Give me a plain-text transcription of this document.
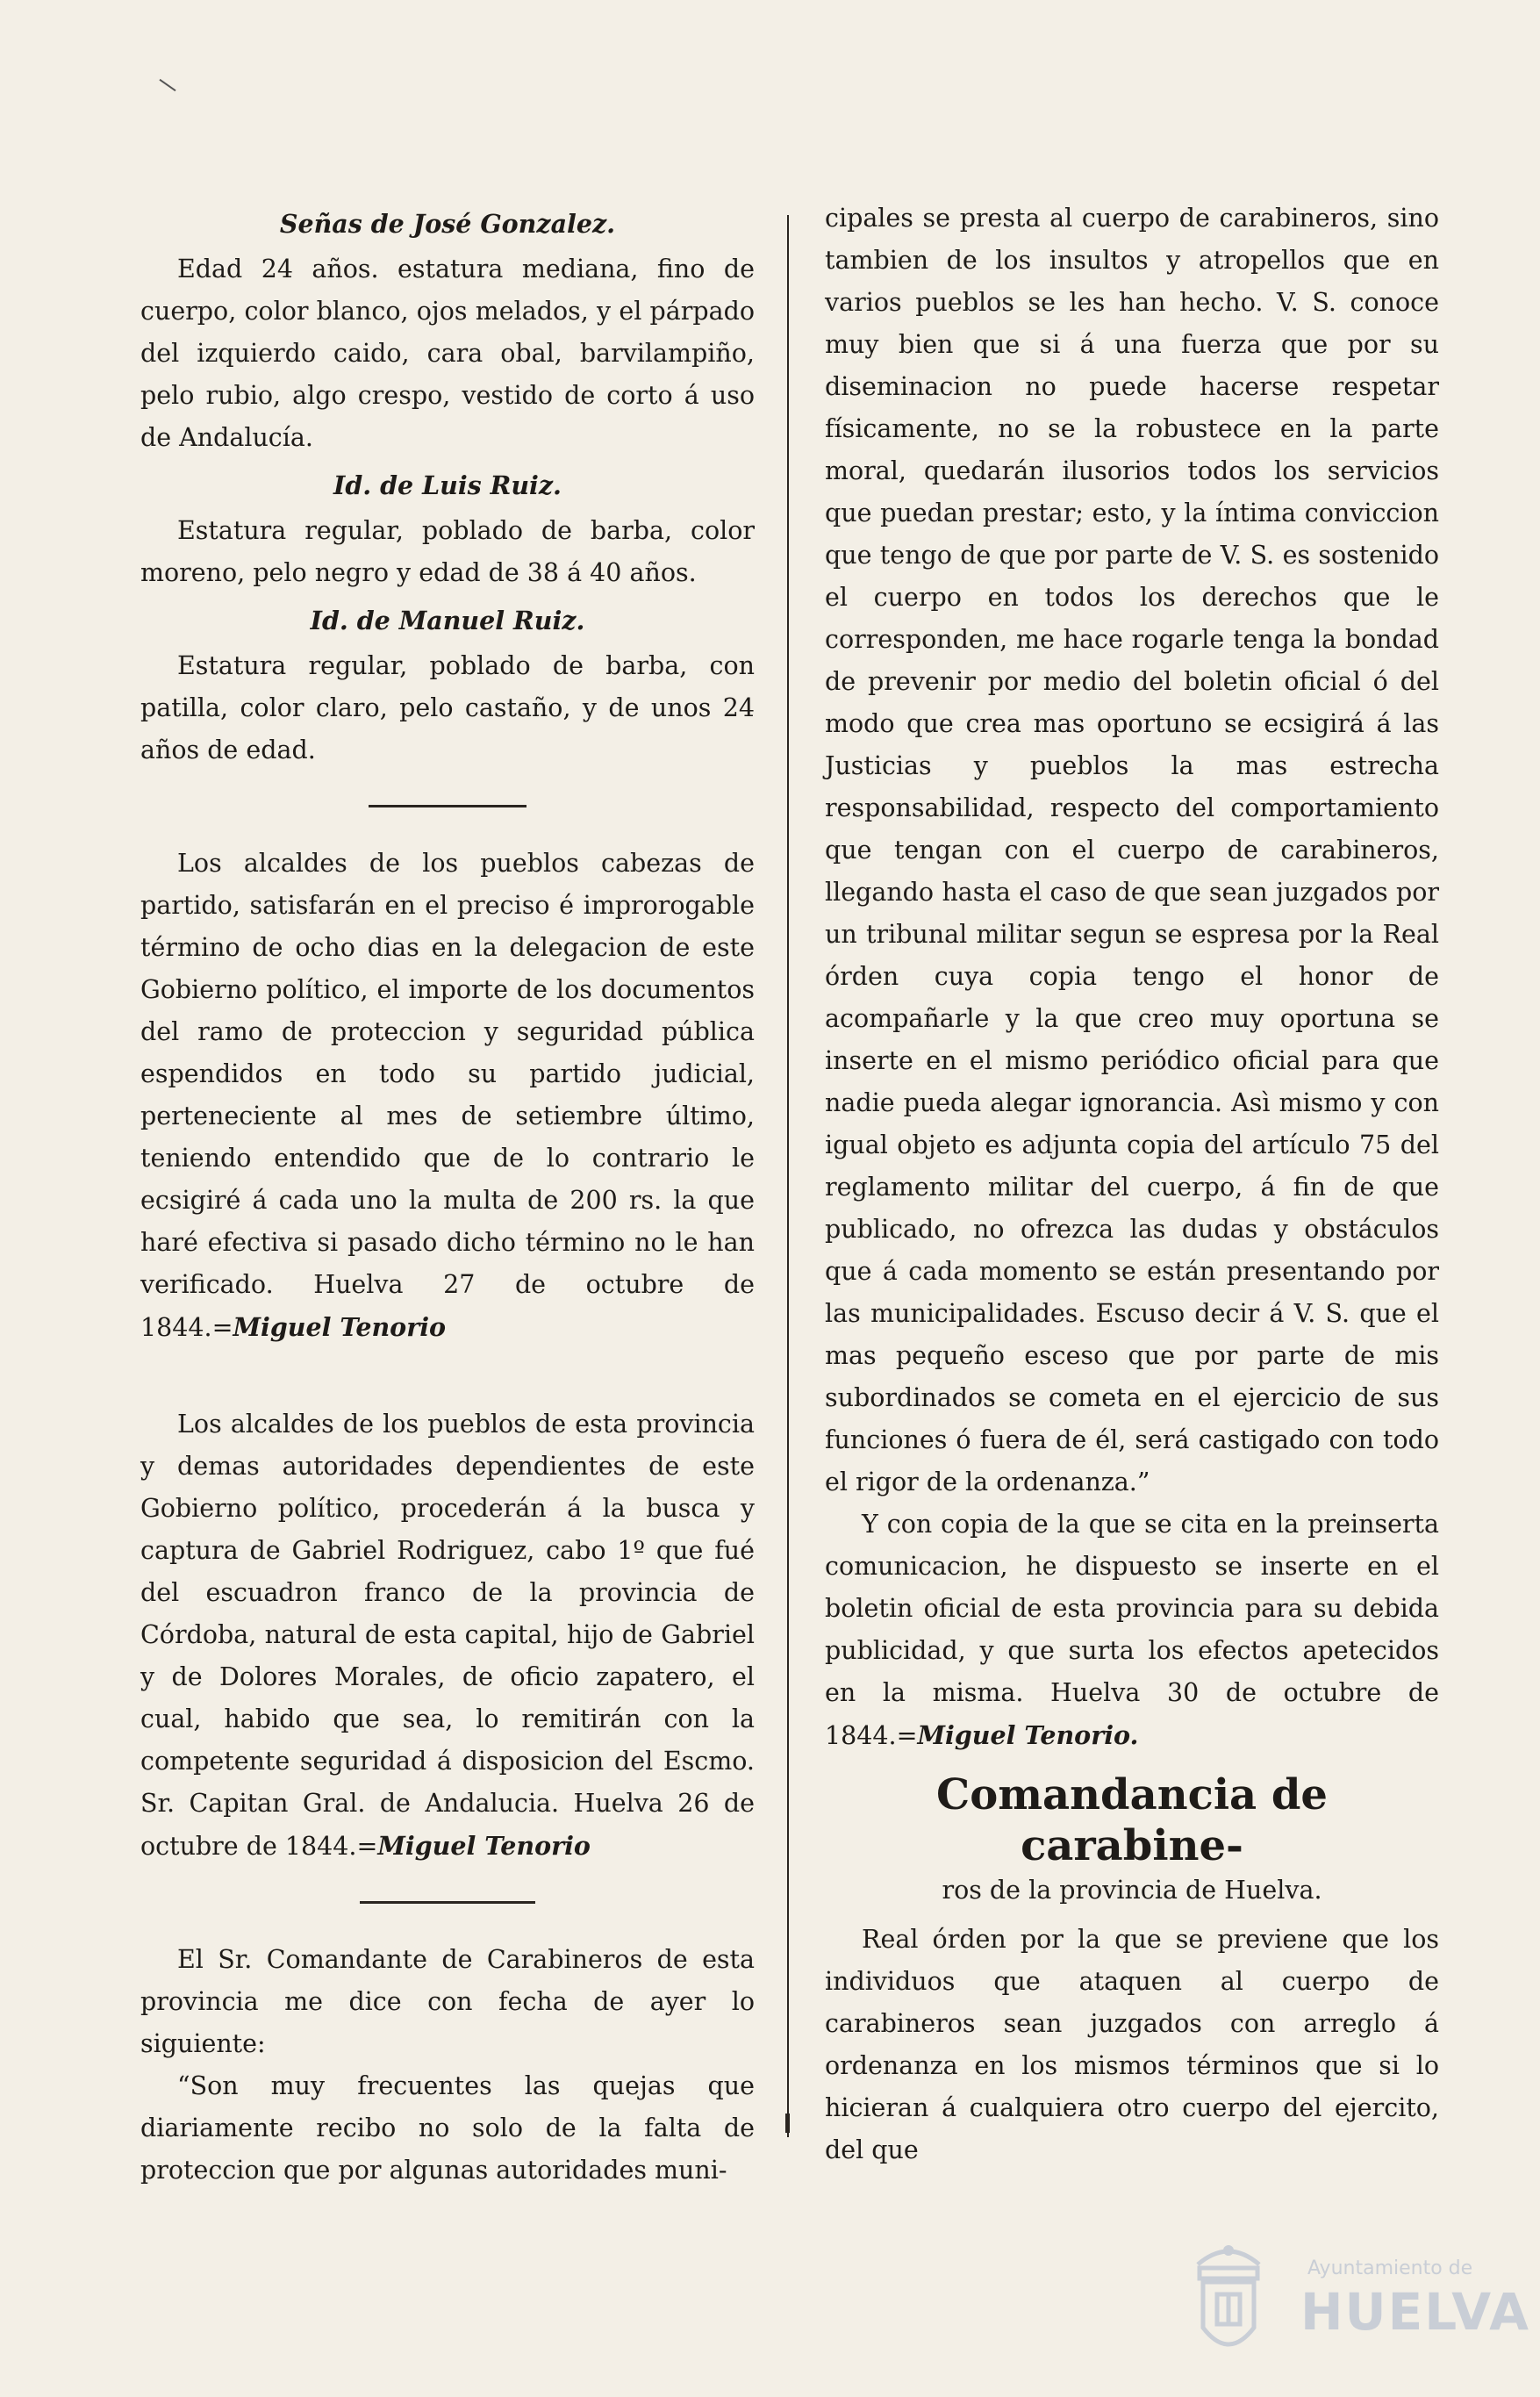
Señas de José Gonzalez.

Edad 24 años. estatura mediana, fino de cuerpo, color blanco, ojos melados, y el párpado del izquierdo caido, cara obal, barvilampiño, pelo rubio, algo crespo, vestido de corto á uso de Andalucía.

Id. de Luis Ruiz.

Estatura regular, poblado de barba, color moreno, pelo negro y edad de 38 á 40 años.

Id. de Manuel Ruiz.

Estatura regular, poblado de barba, con patilla, color claro, pelo castaño, y de unos 24 años de edad.

Los alcaldes de los pueblos cabezas de partido, satisfarán en el preciso é improrogable término de ocho dias en la delegacion de este Gobierno político, el importe de los documentos del ramo de proteccion y seguridad pública espendidos en todo su partido judicial, perteneciente al mes de setiembre último, teniendo entendido que de lo contrario le ecsigiré á cada uno la multa de 200 rs. la que haré efectiva si pasado dicho término no le han verificado. Huelva 27 de octubre de 1844.=Miguel Tenorio

Los alcaldes de los pueblos de esta provincia y demas autoridades dependientes de este Gobierno político, procederán á la busca y captura de Gabriel Rodriguez, cabo 1º que fué del escuadron franco de la provincia de Córdoba, natural de esta capital, hijo de Gabriel y de Dolores Morales, de oficio zapatero, el cual, habido que sea, lo remitirán con la competente seguridad á disposicion del Escmo. Sr. Capitan Gral. de Andalucia. Huelva 26 de octubre de 1844.=Miguel Tenorio

El Sr. Comandante de Carabineros de esta provincia me dice con fecha de ayer lo siguiente:

“Son muy frecuentes las quejas que diariamente recibo no solo de la falta de proteccion que por algunas autoridades muni-

cipales se presta al cuerpo de carabineros, sino tambien de los insultos y atropellos que en varios pueblos se les han hecho. V. S. conoce muy bien que si á una fuerza que por su diseminacion no puede hacerse respetar físicamente, no se la robustece en la parte moral, quedarán ilusorios todos los servicios que puedan prestar; esto, y la íntima conviccion que tengo de que por parte de V. S. es sostenido el cuerpo en todos los derechos que le corresponden, me hace rogarle tenga la bondad de prevenir por medio del boletin oficial ó del modo que crea mas oportuno se ecsigirá á las Justicias y pueblos la mas estrecha responsabilidad, respecto del comportamiento que tengan con el cuerpo de carabineros, llegando hasta el caso de que sean juzgados por un tribunal militar segun se espresa por la Real órden cuya copia tengo el honor de acompañarle y la que creo muy oportuna se inserte en el mismo periódico oficial para que nadie pueda alegar ignorancia. Asì mismo y con igual objeto es adjunta copia del artículo 75 del reglamento militar del cuerpo, á fin de que publicado, no ofrezca las dudas y obstáculos que á cada momento se están presentando por las municipalidades. Escuso decir á V. S. que el mas pequeño esceso que por parte de mis subordinados se cometa en el ejercicio de sus funciones ó fuera de él, será castigado con todo el rigor de la ordenanza.”

Y con copia de la que se cita en la preinserta comunicacion, he dispuesto se inserte en el boletin oficial de esta provincia para su debida publicidad, y que surta los efectos apetecidos en la misma. Huelva 30 de octubre de 1844.=Miguel Tenorio.

Comandancia de carabine-

ros de la provincia de Huelva.

Real órden por la que se previene que los individuos que ataquen al cuerpo de carabineros sean juzgados con arreglo á ordenanza en los mismos términos que si lo hicieran á cualquiera otro cuerpo del ejercito, del que

Ayuntamiento de
HUELVA
